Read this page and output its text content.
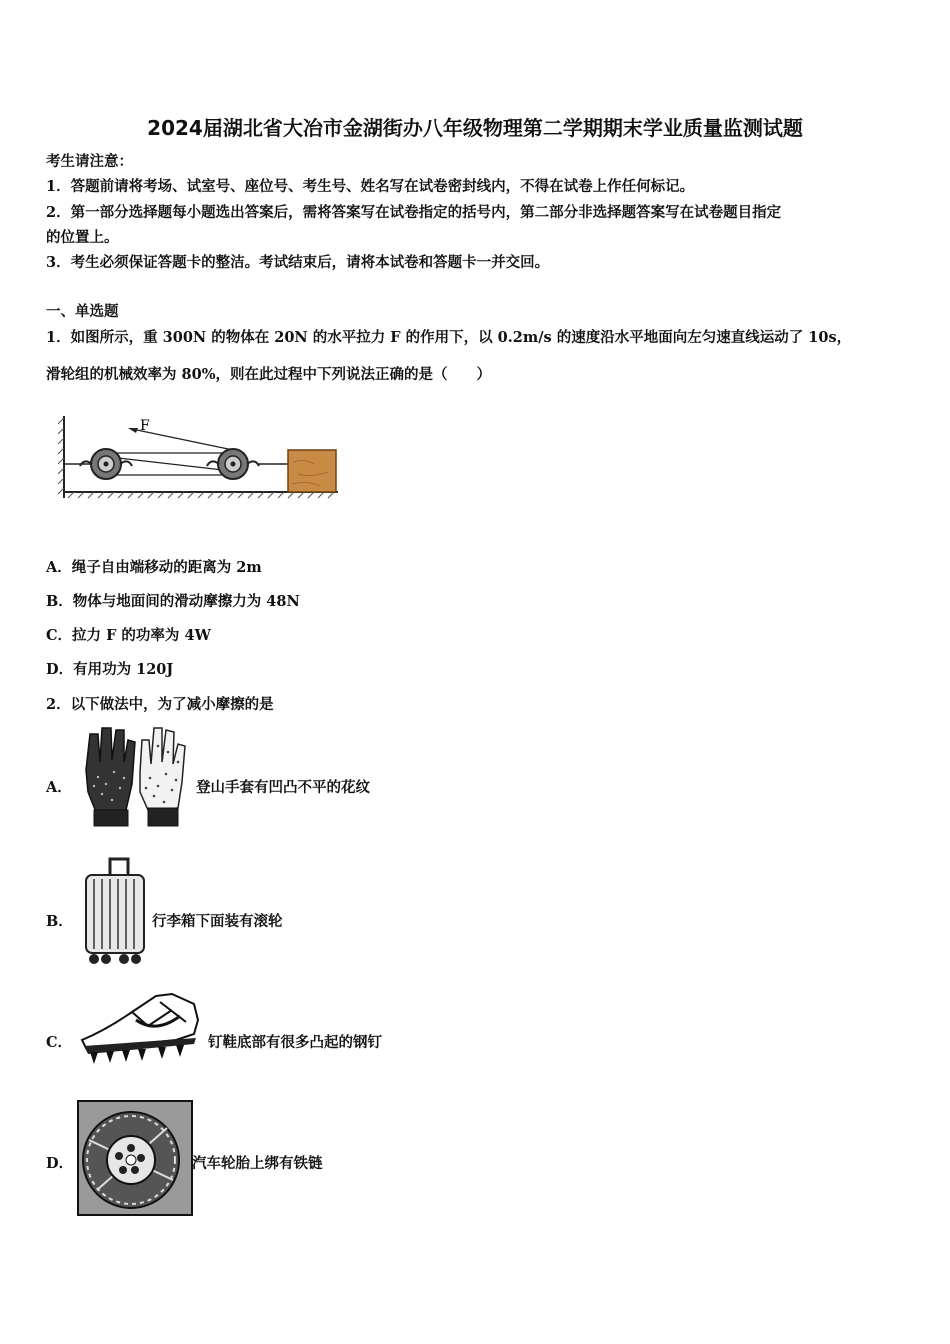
2024届湖北省大冶市金湖街办八年级物理第二学期期末学业质量监测试题
考生请注意：
1．答题前请将考场、试室号、座位号、考生号、姓名写在试卷密封线内，不得在试卷上作任何标记。
2．第一部分选择题每小题选出答案后，需将答案写在试卷指定的括号内，第二部分非选择题答案写在试卷题目指定
的位置上。
3．考生必须保证答题卡的整洁。考试结束后，请将本试卷和答题卡一并交回。
一、单选题
1．如图所示，重 300N 的物体在 20N 的水平拉力 F 的作用下，以 0.2m/s 的速度沿水平地面向左匀速直线运动了 10s，
滑轮组的机械效率为 80%，则在此过程中下列说法正确的是（　　）
F
A．绳子自由端移动的距离为 2m
B．物体与地面间的滑动摩擦力为 48N
C．拉力 F 的功率为 4W
D．有用功为 120J
2．以下做法中，为了减小摩擦的是
A．	登山手套有凹凸不平的花纹
B．	行李箱下面装有滚轮
C．	钉鞋底部有很多凸起的钢钉
D．	汽车轮胎上绑有铁链
